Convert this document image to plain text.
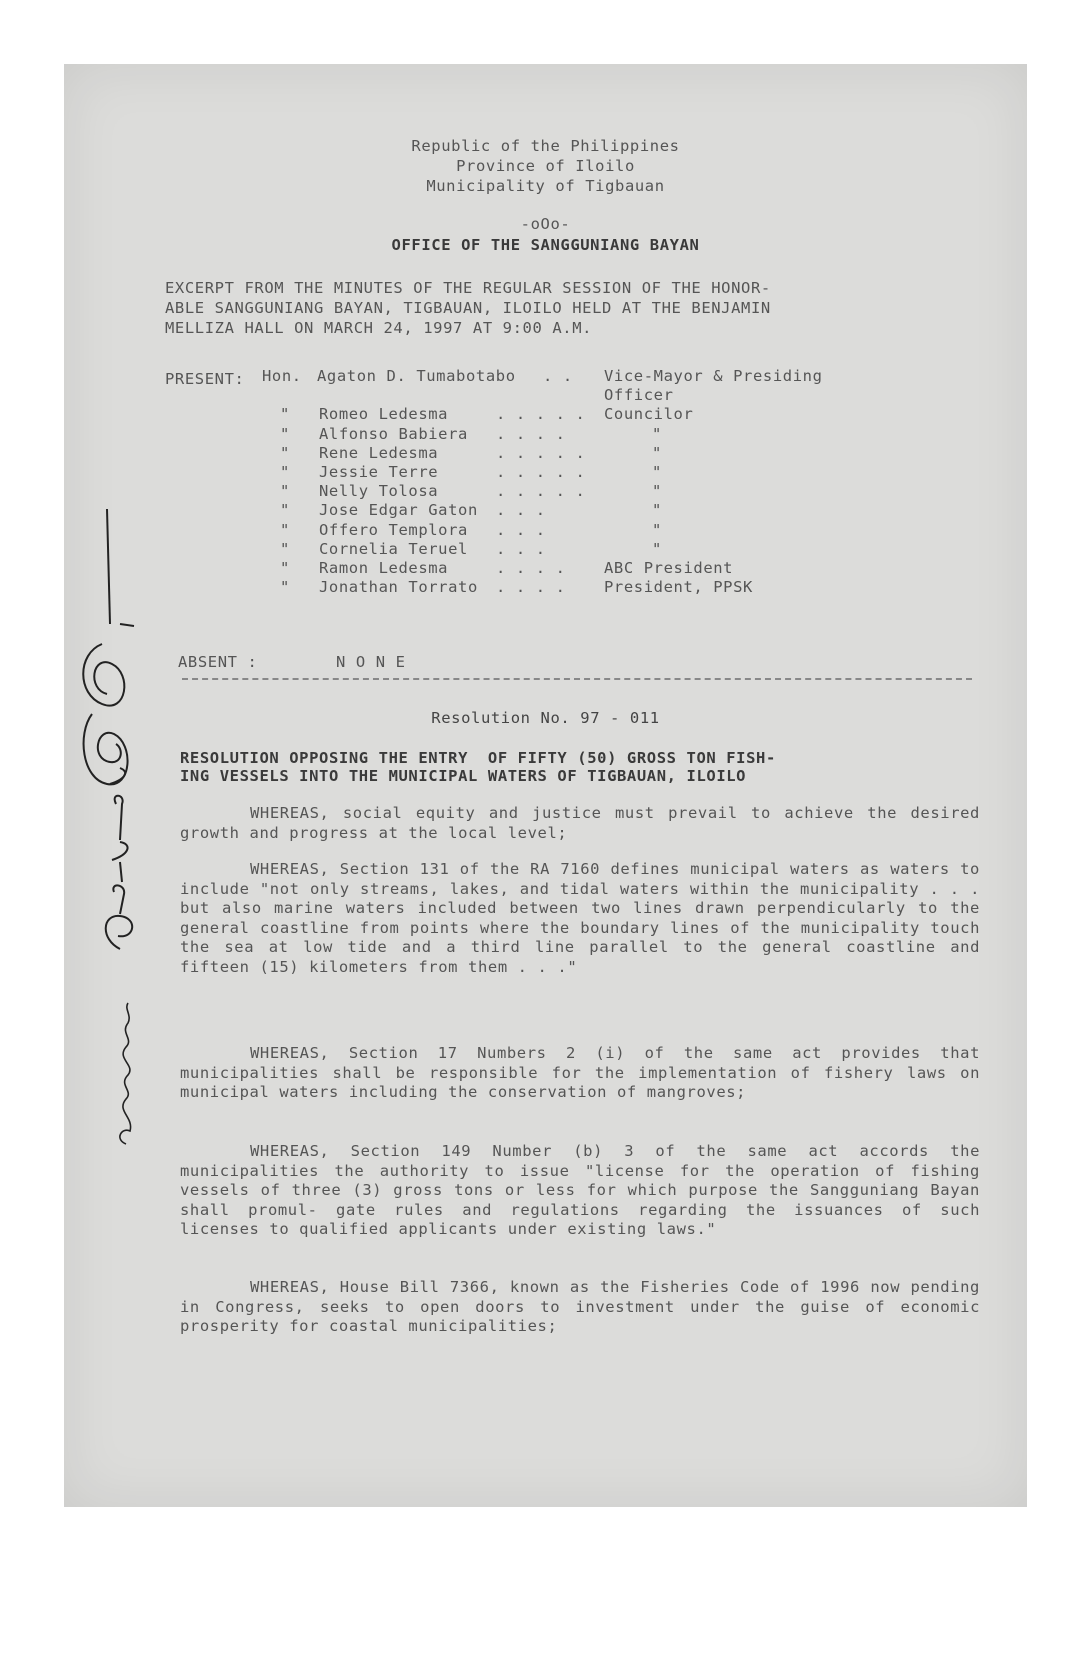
Republic of the Philippines
Province of Iloilo
Municipality of Tigbauan
-oOo-
OFFICE OF THE SANGGUNIANG BAYAN
EXCERPT FROM THE MINUTES OF THE REGULAR SESSION OF THE HONOR-
ABLE SANGGUNIANG BAYAN, TIGBAUAN, ILOILO HELD AT THE BENJAMIN
MELLIZA HALL ON MARCH 24, 1997 AT 9:00 A.M.
PRESENT: Hon. Agaton D. Tumabotabo . . Vice-Mayor & Presiding
Officer
" Romeo Ledesma	. . . . . Councilor
" Alfonso Babiera . . . .	"
" Rene Ledesma	. . . . .	"
" Jessie Terre	. . . . .	"
" Nelly Tolosa	. . . . .	"
" Jose Edgar Gaton . . .	"
" Offero Templora . . .	"
" Cornelia Teruel . . .	"
" Ramon Ledesma	. . . . ABC President
" Jonathan Torrato . . . . President, PPSK
ABSENT :	N O N E
Resolution No. 97 - 011
RESOLUTION OPPOSING THE ENTRY  OF FIFTY (50) GROSS TON FISH-
ING VESSELS INTO THE MUNICIPAL WATERS OF TIGBAUAN, ILOILO
WHEREAS, social equity and justice must prevail to achieve the desired growth and progress at the local level;
WHEREAS, Section 131 of the RA 7160 defines municipal waters as waters to include "not only streams, lakes, and tidal waters within the municipality . . . but also marine waters included between two lines drawn perpendicularly to the general coastline from points where the boundary lines of the municipality touch the sea at low tide and a third line parallel to the general coastline and fifteen (15) kilometers from them . . ."
WHEREAS, Section 17 Numbers 2 (i) of the same act provides that municipalities shall be responsible for the implementation of fishery laws on municipal waters including the conservation of mangroves;
WHEREAS, Section 149 Number (b) 3 of the same act accords the municipalities the authority to issue "license for the operation of fishing vessels of three (3) gross tons or less for which purpose the Sangguniang Bayan shall promul- gate rules and regulations regarding the issuances of such licenses to qualified applicants under existing laws."
WHEREAS, House Bill 7366, known as the Fisheries Code of 1996 now pending in Congress, seeks to open doors to investment under the guise of economic prosperity for coastal municipalities;
